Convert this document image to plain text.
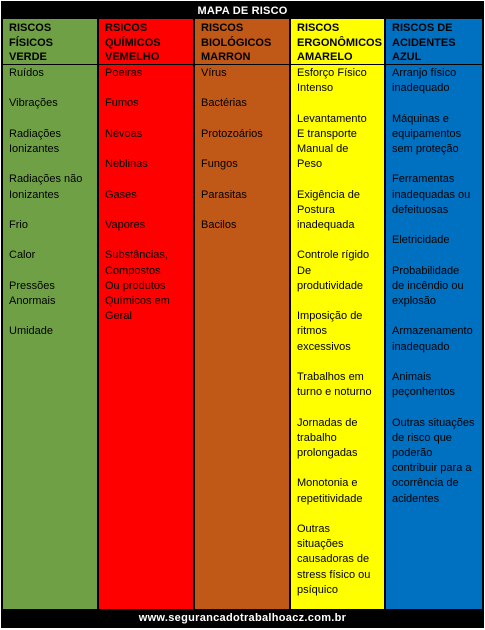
MAPA DE RISCO
RISCOS
FÍSICOS
VERDE
Ruídos
Vibrações
Radiações
Ionizantes
Radiações não
Ionizantes
Frio
Calor
Pressões
Anormais
Umidade
RSICOS
QUÍMICOS
VEMELHO
Poeiras
Fumos
Névoas
Neblinas
Gases
Vapores
Substâncias,
Compostos
Ou produtos
Químicos em
Geral
RISCOS
BIOLÓGICOS
MARRON
Vírus
Bactérias
Protozoários
Fungos
Parasitas
Bacilos
RISCOS
ERGONÔMICOS
AMARELO
Esforço Físico
Intenso
Levantamento
E transporte
Manual de
Peso
Exigência de
Postura
inadequada
Controle rígido
De
produtividade
Imposição de
ritmos
excessivos
Trabalhos em
turno e noturno
Jornadas de
trabalho
prolongadas
Monotonia e
repetitividade
Outras
situações
causadoras de
stress físico ou
psíquico
RISCOS DE
ACIDENTES
AZUL
Arranjo físico
inadequado
Máquinas e
equipamentos
sem proteção
Ferramentas
inadequadas ou
defeituosas
Eletricidade
Probabilidade
de incêndio ou
explosão
Armazenamento
inadequado
Animais
peçonhentos
Outras situações
de risco que
poderão
contribuir para a
ocorrência de
acidentes
www.segurancadotrabalhoacz.com.br
